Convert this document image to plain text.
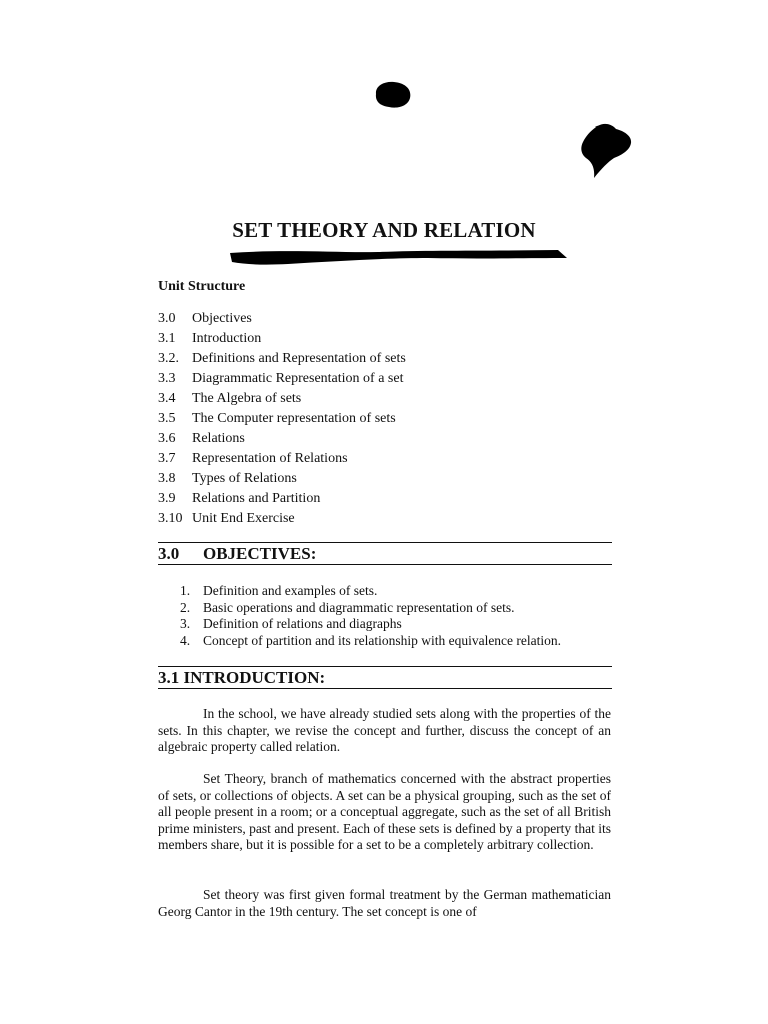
SET THEORY AND RELATION
Unit Structure
3.0 Objectives
3.1 Introduction
3.2. Definitions and Representation of sets
3.3 Diagrammatic Representation of a set
3.4 The Algebra of sets
3.5 The Computer representation of sets
3.6 Relations
3.7 Representation of Relations
3.8 Types of Relations
3.9 Relations and Partition
3.10 Unit End Exercise
3.0 OBJECTIVES:
1. Definition and examples of sets.
2. Basic operations and diagrammatic representation of sets.
3. Definition of relations and diagraphs
4. Concept of partition and its relationship with equivalence relation.
3.1 INTRODUCTION:

In the school, we have already studied sets along with the properties of the sets. In this chapter, we revise the concept and further, discuss the concept of an algebraic property called relation.

Set Theory, branch of mathematics concerned with the abstract properties of sets, or collections of objects. A set can be a physical grouping, such as the set of all people present in a room; or a conceptual aggregate, such as the set of all British prime ministers, past and present. Each of these sets is defined by a property that its members share, but it is possible for a set to be a completely arbitrary collection.

Set theory was first given formal treatment by the German mathematician Georg Cantor in the 19th century. The set concept is one of
